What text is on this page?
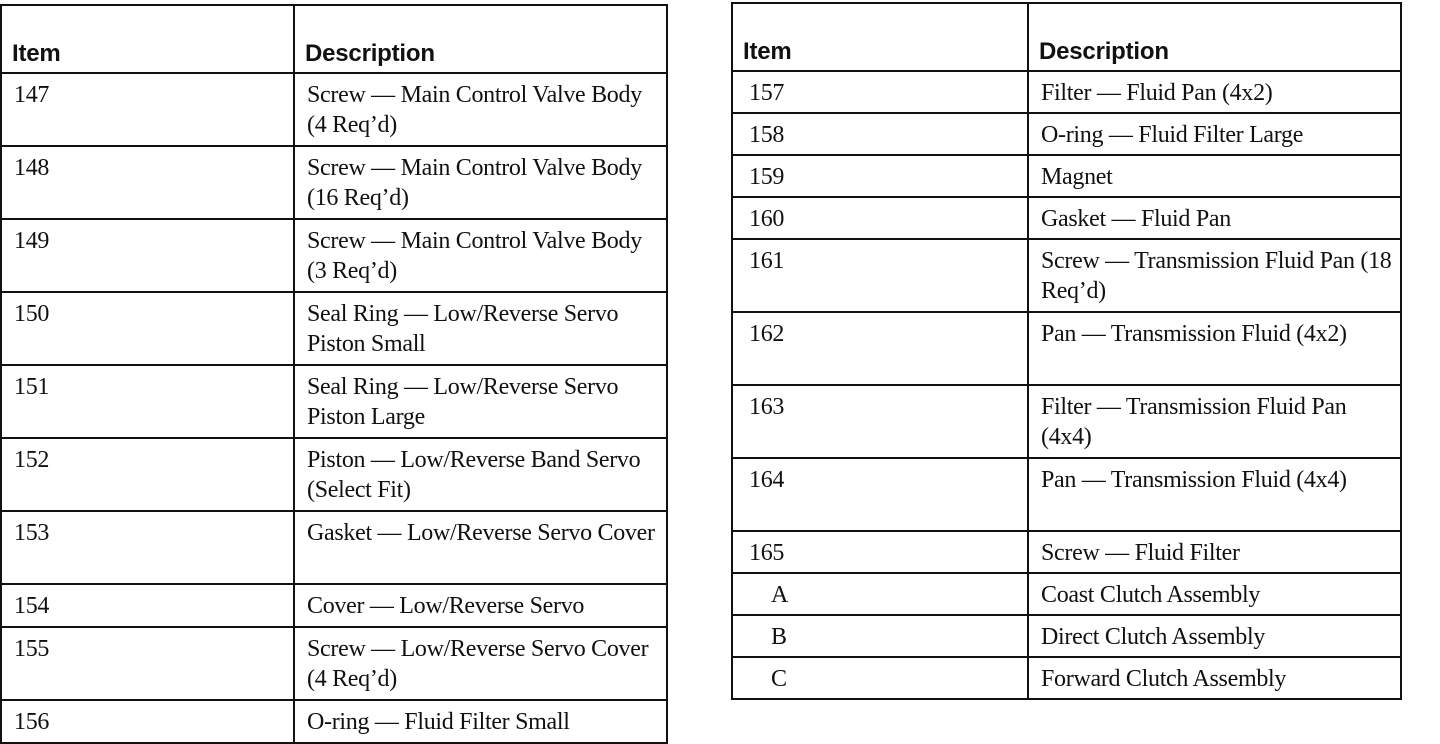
Item	Description
147	Screw — Main Control Valve Body (4 Req’d)
148	Screw — Main Control Valve Body (16 Req’d)
149	Screw — Main Control Valve Body (3 Req’d)
150	Seal Ring — Low/Reverse Servo Piston Small
151	Seal Ring — Low/Reverse Servo Piston Large
152	Piston — Low/Reverse Band Servo (Select Fit)
153	Gasket — Low/Reverse Servo Cover
154	Cover — Low/Reverse Servo
155	Screw — Low/Reverse Servo Cover (4 Req’d)
156	O-ring — Fluid Filter Small
Item	Description
157	Filter — Fluid Pan (4x2)
158	O-ring — Fluid Filter Large
159	Magnet
160	Gasket — Fluid Pan
161	Screw — Transmission Fluid Pan (18 Req’d)
162	Pan — Transmission Fluid (4x2)
163	Filter — Transmission Fluid Pan (4x4)
164	Pan — Transmission Fluid (4x4)
165	Screw — Fluid Filter
A	Coast Clutch Assembly
B	Direct Clutch Assembly
C	Forward Clutch Assembly
